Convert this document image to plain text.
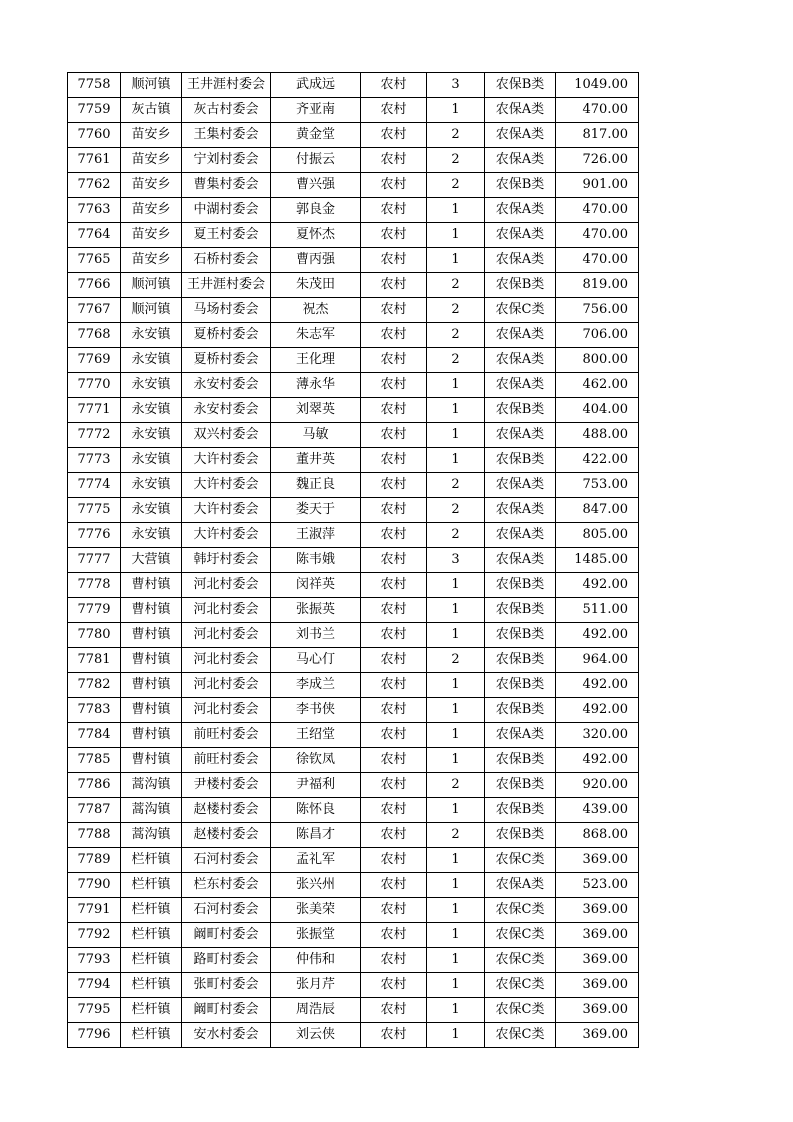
7758	顺河镇	王井涯村委会	武成远	农村	3	农保B类	1049.00
7759	灰古镇	灰古村委会	齐亚南	农村	1	农保A类	470.00
7760	苗安乡	王集村委会	黄金堂	农村	2	农保A类	817.00
7761	苗安乡	宁刘村委会	付振云	农村	2	农保A类	726.00
7762	苗安乡	曹集村委会	曹兴强	农村	2	农保B类	901.00
7763	苗安乡	中湖村委会	郭良金	农村	1	农保A类	470.00
7764	苗安乡	夏王村委会	夏怀杰	农村	1	农保A类	470.00
7765	苗安乡	石桥村委会	曹丙强	农村	1	农保A类	470.00
7766	顺河镇	王井涯村委会	朱茂田	农村	2	农保B类	819.00
7767	顺河镇	马场村委会	祝杰	农村	2	农保C类	756.00
7768	永安镇	夏桥村委会	朱志军	农村	2	农保A类	706.00
7769	永安镇	夏桥村委会	王化理	农村	2	农保A类	800.00
7770	永安镇	永安村委会	薄永华	农村	1	农保A类	462.00
7771	永安镇	永安村委会	刘翠英	农村	1	农保B类	404.00
7772	永安镇	双兴村委会	马敏	农村	1	农保A类	488.00
7773	永安镇	大许村委会	董井英	农村	1	农保B类	422.00
7774	永安镇	大许村委会	魏正良	农村	2	农保A类	753.00
7775	永安镇	大许村委会	娄天于	农村	2	农保A类	847.00
7776	永安镇	大许村委会	王淑萍	农村	2	农保A类	805.00
7777	大营镇	韩圩村委会	陈韦娥	农村	3	农保A类	1485.00
7778	曹村镇	河北村委会	闵祥英	农村	1	农保B类	492.00
7779	曹村镇	河北村委会	张振英	农村	1	农保B类	511.00
7780	曹村镇	河北村委会	刘书兰	农村	1	农保B类	492.00
7781	曹村镇	河北村委会	马心仃	农村	2	农保B类	964.00
7782	曹村镇	河北村委会	李成兰	农村	1	农保B类	492.00
7783	曹村镇	河北村委会	李书侠	农村	1	农保B类	492.00
7784	曹村镇	前旺村委会	王绍堂	农村	1	农保A类	320.00
7785	曹村镇	前旺村委会	徐钦凤	农村	1	农保B类	492.00
7786	蒿沟镇	尹楼村委会	尹福利	农村	2	农保B类	920.00
7787	蒿沟镇	赵楼村委会	陈怀良	农村	1	农保B类	439.00
7788	蒿沟镇	赵楼村委会	陈昌才	农村	2	农保B类	868.00
7789	栏杆镇	石河村委会	孟礼军	农村	1	农保C类	369.00
7790	栏杆镇	栏东村委会	张兴州	农村	1	农保A类	523.00
7791	栏杆镇	石河村委会	张美荣	农村	1	农保C类	369.00
7792	栏杆镇	阚町村委会	张振堂	农村	1	农保C类	369.00
7793	栏杆镇	路町村委会	仲伟和	农村	1	农保C类	369.00
7794	栏杆镇	张町村委会	张月芹	农村	1	农保C类	369.00
7795	栏杆镇	阚町村委会	周浩辰	农村	1	农保C类	369.00
7796	栏杆镇	安水村委会	刘云侠	农村	1	农保C类	369.00
